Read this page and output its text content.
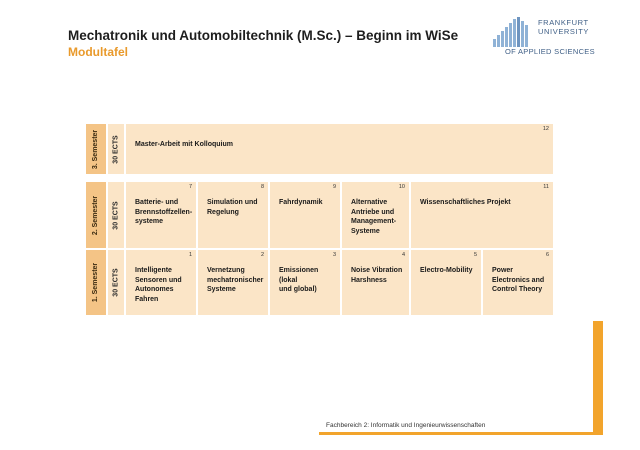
Mechatronik und Automobiltechnik (M.Sc.) – Beginn im WiSe
Modultafel
FRANKFURT
UNIVERSITY
OF APPLIED SCIENCES
3. Semester 30 ECTS
12
Master-Arbeit mit Kolloquium
2. Semester 30 ECTS
7
Batterie- und
Brennstoffzellen-
systeme
8
Simulation und
Regelung
9
Fahrdynamik
10
Alternative
Antriebe und
Management-
Systeme
11
Wissenschaftliches Projekt
1. Semester 30 ECTS
1
Intelligente
Sensoren und
Autonomes
Fahren
2
Vernetzung
mechatronischer
Systeme
3
Emissionen (lokal
und global)
4
Noise Vibration
Harshness
5
Electro-Mobility
6
Power
Electronics and
Control Theory
Fachbereich 2: Informatik und Ingenieurwissenschaften
